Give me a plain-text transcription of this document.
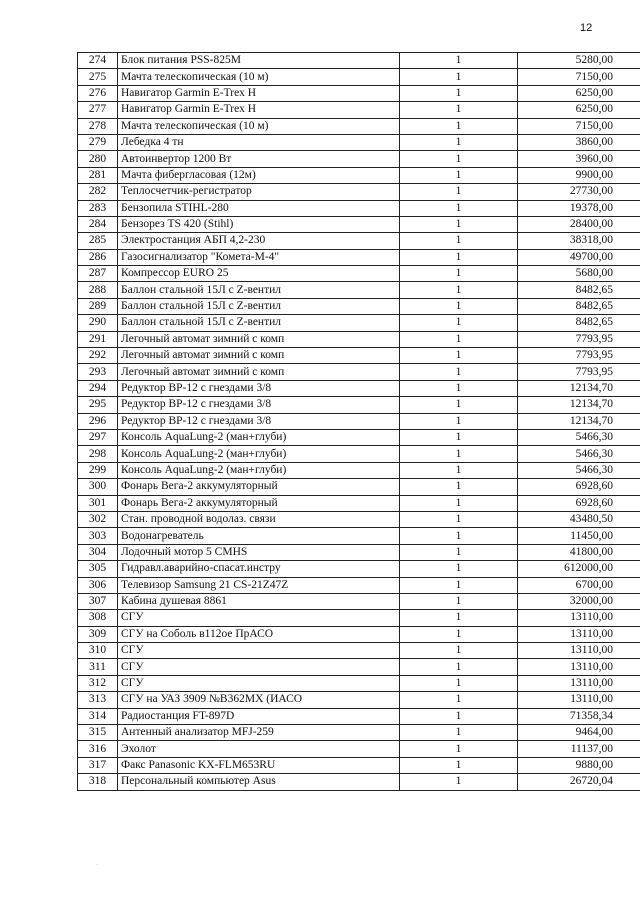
12
274	Блок питания PSS-825M	1	5280,00
275	Мачта телескопическая (10 м)	1	7150,00
276	Навигатор Garmin E-Trex H	1	6250,00
277	Навигатор Garmin E-Trex H	1	6250,00
278	Мачта телескопическая (10 м)	1	7150,00
279	Лебедка 4 тн	1	3860,00
280	Автоинвертор 1200 Вт	1	3960,00
281	Мачта фибергласовая (12м)	1	9900,00
282	Теплосчетчик-регистратор	1	27730,00
283	Бензопила STIHL-280	1	19378,00
284	Бензорез TS 420 (Stihl)	1	28400,00
285	Электростанция АБП 4,2-230	1	38318,00
286	Газосигнализатор "Комета-М-4"	1	49700,00
287	Компрессор EURO 25	1	5680,00
288	Баллон стальной 15Л с Z-вентил	1	8482,65
289	Баллон стальной 15Л с Z-вентил	1	8482,65
290	Баллон стальной 15Л с Z-вентил	1	8482,65
291	Легочный автомат зимний с комп	1	7793,95
292	Легочный автомат зимний с комп	1	7793,95
293	Легочный автомат зимний с комп	1	7793,95
294	Редуктор ВР-12 с гнездами 3/8	1	12134,70
295	Редуктор ВР-12 с гнездами 3/8	1	12134,70
296	Редуктор ВР-12 с гнездами 3/8	1	12134,70
297	Консоль AquaLung-2 (ман+глуби)	1	5466,30
298	Консоль AquaLung-2 (ман+глуби)	1	5466,30
299	Консоль AquaLung-2 (ман+глуби)	1	5466,30
300	Фонарь Вега-2 аккумуляторный	1	6928,60
301	Фонарь Вега-2 аккумуляторный	1	6928,60
302	Стан. проводной водолаз. связи	1	43480,50
303	Водонагреватель	1	11450,00
304	Лодочный мотор 5 CMHS	1	41800,00
305	Гидравл.аварийно-спасат.инстру	1	612000,00
306	Телевизор Samsung 21 CS-21Z47Z	1	6700,00
307	Кабина душевая 8861	1	32000,00
308	СГУ	1	13110,00
309	СГУ на Соболь в112ое ПрАСО	1	13110,00
310	СГУ	1	13110,00
311	СГУ	1	13110,00
312	СГУ	1	13110,00
313	СГУ на УАЗ 3909 №В362МХ (ИАСО	1	13110,00
314	Радиостанция FT-897D	1	71358,34
315	Антенный анализатор MFJ-259	1	9464,00
316	Эхолот	1	11137,00
317	Факс Panasonic KX-FLM653RU	1	9880,00
318	Персональный компьютер Asus	1	26720,04
·
